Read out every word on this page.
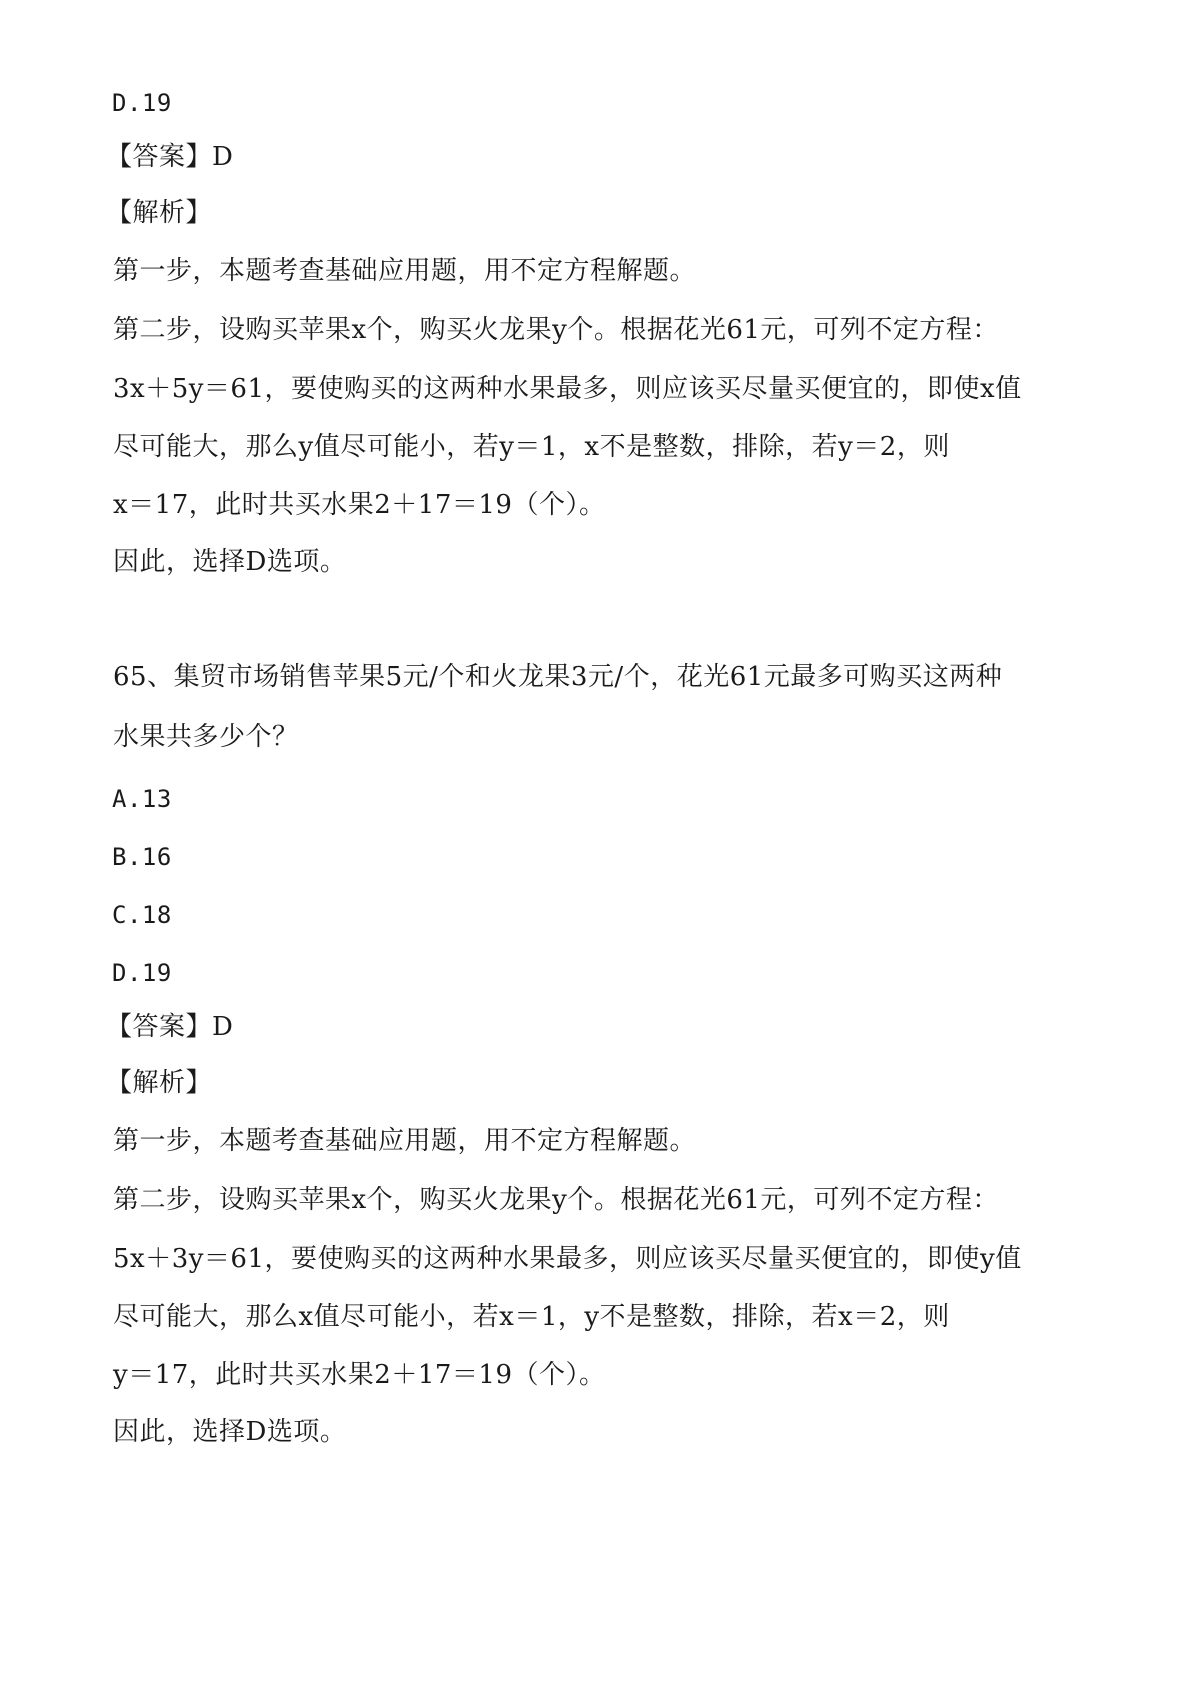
D.19
【答案】D
【解析】
第一步，本题考查基础应用题，用不定方程解题。
第二步，设购买苹果x个，购买火龙果y个。根据花光61元，可列不定方程：
3x＋5y＝61，要使购买的这两种水果最多，则应该买尽量买便宜的，即使x值
尽可能大，那么y值尽可能小，若y＝1，x不是整数，排除，若y＝2，则
x＝17，此时共买水果2＋17＝19（个）。
因此，选择D选项。
65、集贸市场销售苹果5元/个和火龙果3元/个，花光61元最多可购买这两种
水果共多少个？
A.13
B.16
C.18
D.19
【答案】D
【解析】
第一步，本题考查基础应用题，用不定方程解题。
第二步，设购买苹果x个，购买火龙果y个。根据花光61元，可列不定方程：
5x＋3y＝61，要使购买的这两种水果最多，则应该买尽量买便宜的，即使y值
尽可能大，那么x值尽可能小，若x＝1，y不是整数，排除，若x＝2，则
y＝17，此时共买水果2＋17＝19（个）。
因此，选择D选项。
